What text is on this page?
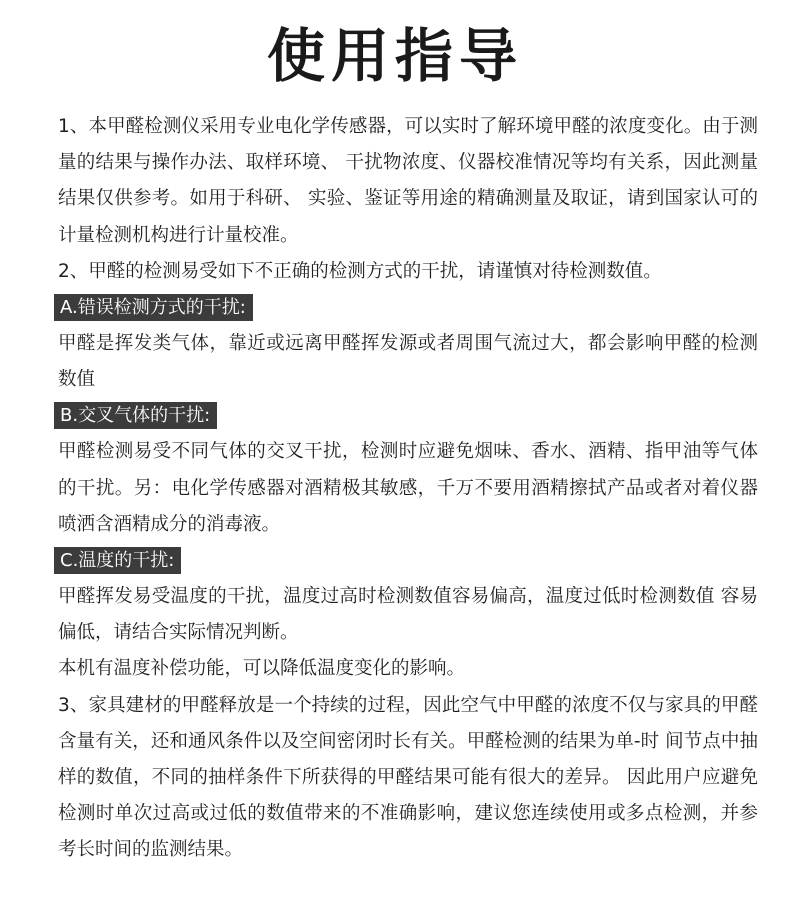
使用指导

1、本甲醛检测仪采用专业电化学传感器，可以实时了解环境甲醛的浓度变化。由于测量的结果与操作办法、取样环境、 干扰物浓度、仪器校准情况等均有关系，因此测量结果仅供参考。如用于科研、 实验、鉴证等用途的精确测量及取证，请到国家认可的计量检测机构进行计量校准。

2、甲醛的检测易受如下不正确的检测方式的干扰，请谨慎对待检测数值。

A.错误检测方式的干扰:

甲醛是挥发类气体，靠近或远离甲醛挥发源或者周围气流过大，都会影响甲醛的检测数值

B.交叉气体的干扰:

甲醛检测易受不同气体的交叉干扰，检测时应避免烟味、香水、酒精、指甲油等气体的干扰。另：电化学传感器对酒精极其敏感，千万不要用酒精擦拭产品或者对着仪器喷洒含酒精成分的消毒液。

C.温度的干扰:

甲醛挥发易受温度的干扰，温度过高时检测数值容易偏高，温度过低时检测数值 容易偏低，请结合实际情况判断。

本机有温度补偿功能，可以降低温度变化的影响。

3、家具建材的甲醛释放是一个持续的过程，因此空气中甲醛的浓度不仅与家具的甲醛含量有关，还和通风条件以及空间密闭时长有关。甲醛检测的结果为单-时 间节点中抽样的数值，不同的抽样条件下所获得的甲醛结果可能有很大的差异。 因此用户应避免检测时单次过高或过低的数值带来的不准确影响，建议您连续使用或多点检测，并参考长时间的监测结果。
